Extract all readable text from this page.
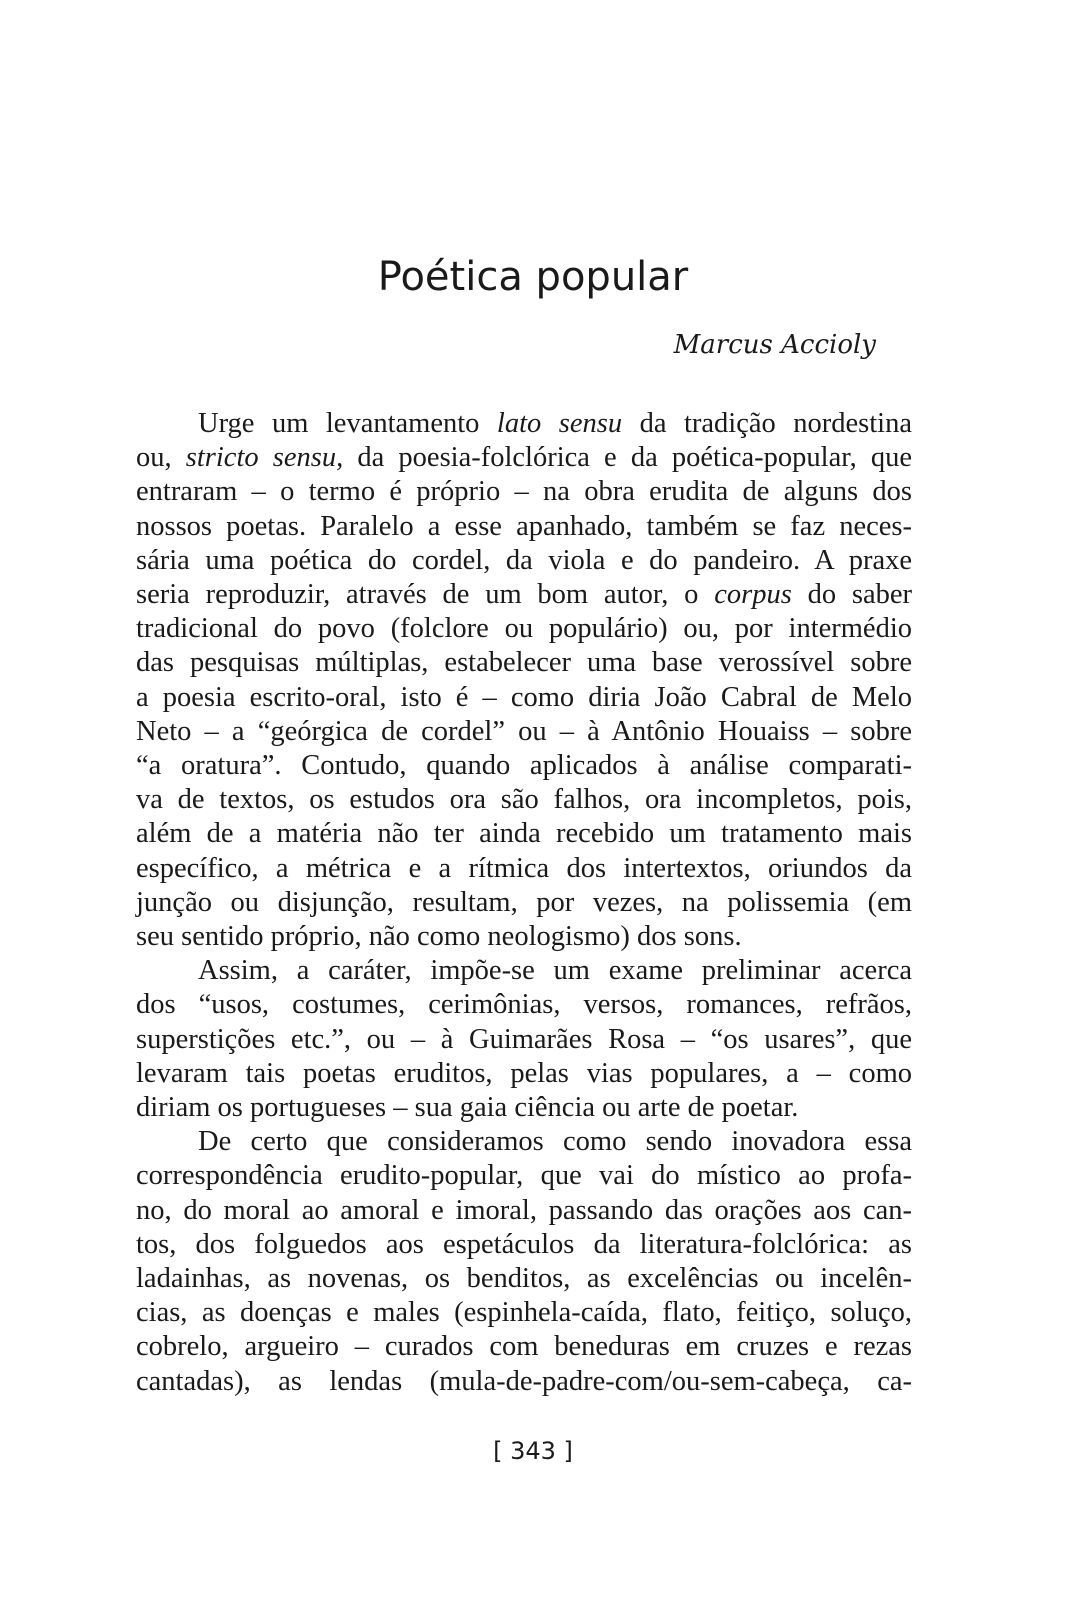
Poética popular

Marcus Accioly

Urge um levantamento lato sensu da tradição nordestina
ou, stricto sensu, da poesia-folclórica e da poética-popular, que
entraram – o termo é próprio – na obra erudita de alguns dos
nossos poetas. Paralelo a esse apanhado, também se faz neces-
sária uma poética do cordel, da viola e do pandeiro. A praxe
seria reproduzir, através de um bom autor, o corpus do saber
tradicional do povo (folclore ou populário) ou, por intermédio
das pesquisas múltiplas, estabelecer uma base verossível sobre
a poesia escrito-oral, isto é – como diria João Cabral de Melo
Neto – a “geórgica de cordel” ou – à Antônio Houaiss – sobre
“a oratura”. Contudo, quando aplicados à análise comparati-
va de textos, os estudos ora são falhos, ora incompletos, pois,
além de a matéria não ter ainda recebido um tratamento mais
específico, a métrica e a rítmica dos intertextos, oriundos da
junção ou disjunção, resultam, por vezes, na polissemia (em
seu sentido próprio, não como neologismo) dos sons.
Assim, a caráter, impõe-se um exame preliminar acerca
dos “usos, costumes, cerimônias, versos, romances, refrãos,
superstições etc.”, ou – à Guimarães Rosa – “os usares”, que
levaram tais poetas eruditos, pelas vias populares, a – como
diriam os portugueses – sua gaia ciência ou arte de poetar.
De certo que consideramos como sendo inovadora essa
correspondência erudito-popular, que vai do místico ao profa-
no, do moral ao amoral e imoral, passando das orações aos can-
tos, dos folguedos aos espetáculos da literatura-folclórica: as
ladainhas, as novenas, os benditos, as excelências ou incelên-
cias, as doenças e males (espinhela-caída, flato, feitiço, soluço,
cobrelo, argueiro – curados com beneduras em cruzes e rezas
cantadas), as lendas (mula-de-padre-com/ou-sem-cabeça, ca-
[ 343 ]
